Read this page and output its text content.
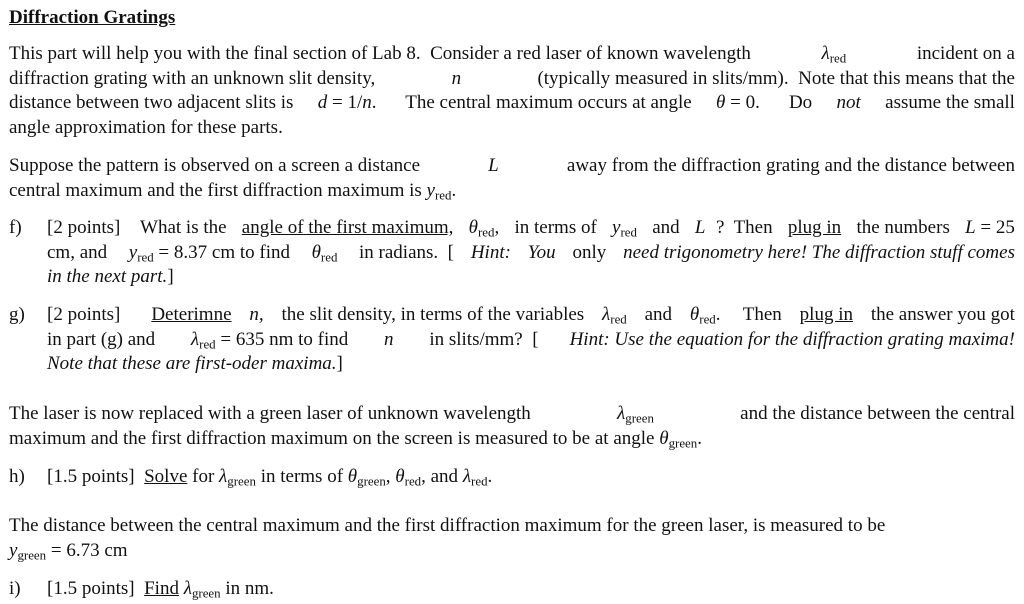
Diffraction Gratings
This part will help you with the final section of Lab 8.  Consider a red laser of known wavelength	$\lambda_{red}$	incident on a
diffraction grating with an unknown slit density,	n	(typically measured in slits/mm).  Note that this means that the
distance between two adjacent slits is d = 1/n. The central maximum occurs at angle θ = 0. Do not assume the small
angle approximation for these parts.
Suppose the pattern is observed on a screen a distance	L	away from the diffraction grating and the distance between
central maximum and the first diffraction maximum is $y_{red}$.
f) [2 points] What is the angle of the first maximum, $\theta_{red}$, in terms of $y_{red}$ and L ?  Then plug in the numbers L = 25
cm, and $y_{red} = 8.37$ cm to find $\theta_{red}$ in radians.  [ Hint: You only need trigonometry here! The diffraction stuff comes
in the next part.]
g) [2 points]
Deterimne n, the slit density, in terms of the variables $\lambda_{red}$ and $\theta_{red}$. Then plug in the answer you got
in part (g) and $\lambda_{red} = 635$ nm to find n in slits/mm?  [ Hint: Use the equation for the diffraction grating maxima!
Note that these are first-oder maxima.]
The laser is now replaced with a green laser of unknown wavelength	$\lambda_{green}$	and the distance between the central
maximum and the first diffraction maximum on the screen is measured to be at angle $\theta_{green}$.
h) [1.5 points] Solve for $\lambda_{green}$ in terms of $\theta_{green}$, $\theta_{red}$, and $\lambda_{red}$.
The distance between the central maximum and the first diffraction maximum for the green laser, is measured to be
$y_{green} = 6.73$ cm
i) [1.5 points] Find $\lambda_{green}$ in nm.
